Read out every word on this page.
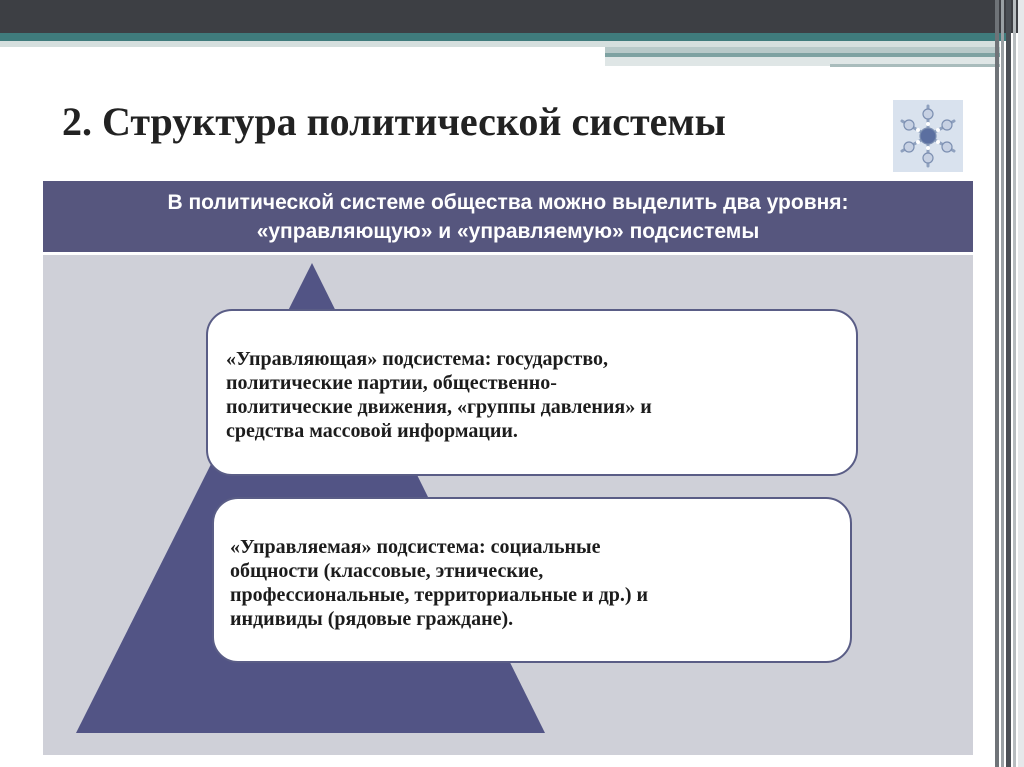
2. Структура политической системы
В политической системе общества можно выделить два уровня:
«управляющую» и «управляемую» подсистемы
«Управляющая» подсистема: государство,
политические партии, общественно-
политические движения, «группы давления» и
средства массовой информации.
«Управляемая» подсистема: социальные
общности (классовые, этнические,
профессиональные, территориальные и др.) и
индивиды (рядовые граждане).
